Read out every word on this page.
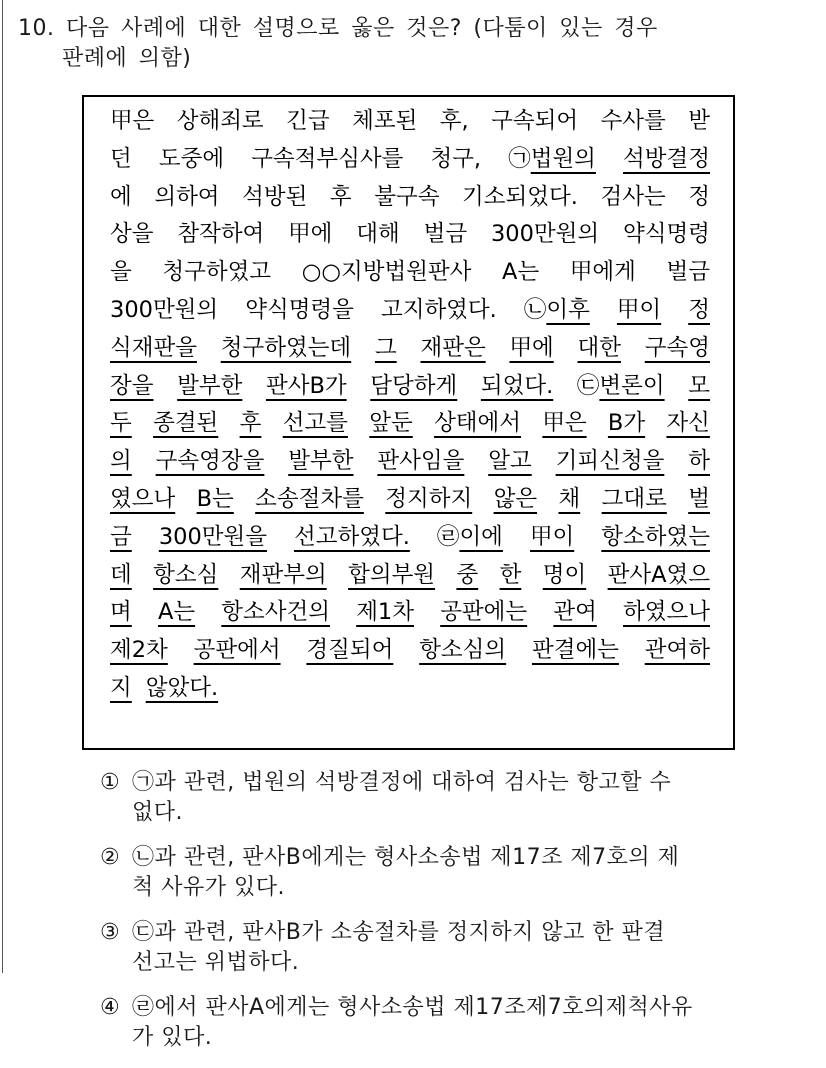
10. 다음 사례에 대한 설명으로 옳은 것은? (다툼이 있는 경우
판례에 의함)
甲은 상해죄로 긴급 체포된 후, 구속되어 수사를 받
던 도중에 구속적부심사를 청구, ㉠법원의 석방결정
에 의하여 석방된 후 불구속 기소되었다. 검사는 정
상을 참작하여 甲에 대해 벌금 300만원의 약식명령
을 청구하였고 ○○지방법원판사 A는 甲에게 벌금
300만원의 약식명령을 고지하였다. ㉡이후 甲이 정
식재판을 청구하였는데 그 재판은 甲에 대한 구속영
장을 발부한 판사B가 담당하게 되었다. ㉢변론이 모
두 종결된 후 선고를 앞둔 상태에서 甲은 B가 자신
의 구속영장을 발부한 판사임을 알고 기피신청을 하
였으나 B는 소송절차를 정지하지 않은 채 그대로 벌
금 300만원을 선고하였다. ㉣이에 甲이 항소하였는
데 항소심 재판부의 합의부원 중 한 명이 판사A였으
며 A는 항소사건의 제1차 공판에는 관여 하였으나
제2차 공판에서 경질되어 항소심의 판결에는 관여하
지 않았다.
① ㉠과 관련, 법원의 석방결정에 대하여 검사는 항고할 수
없다.
② ㉡과 관련, 판사B에게는 형사소송법 제17조 제7호의 제
척 사유가 있다.
③ ㉢과 관련, 판사B가 소송절차를 정지하지 않고 한 판결
선고는 위법하다.
④ ㉣에서 판사A에게는 형사소송법 제17조제7호의제척사유
가 있다.
